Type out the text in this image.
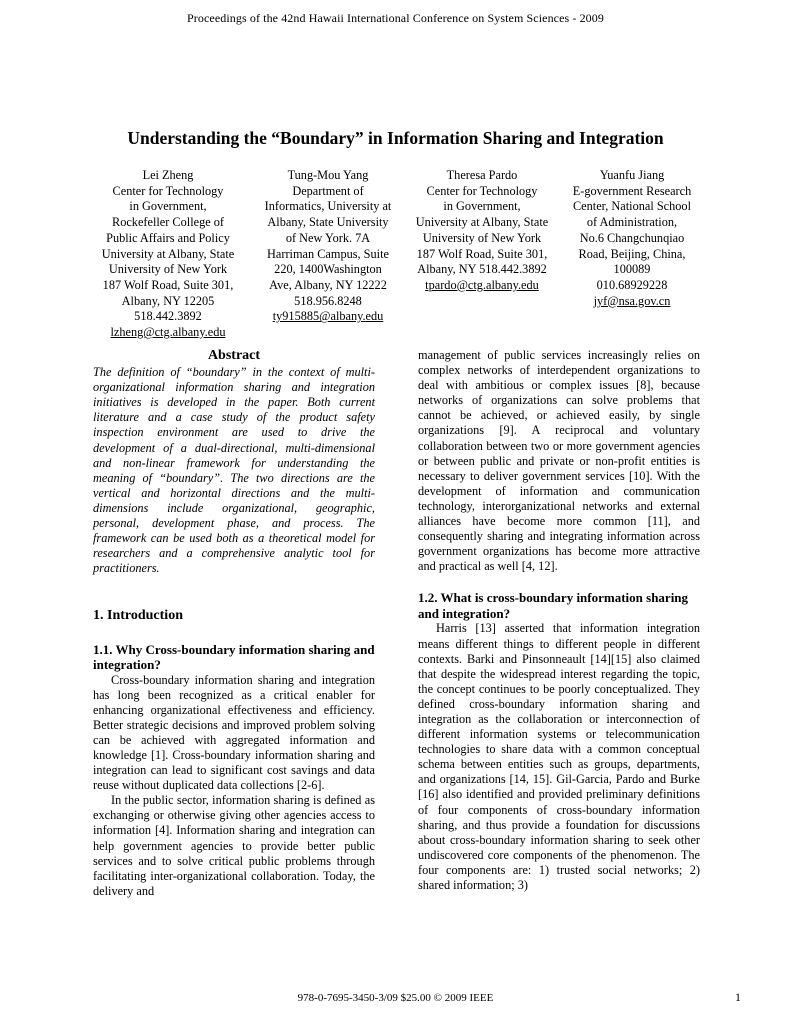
Proceedings of the 42nd Hawaii International Conference on System Sciences - 2009
Understanding the “Boundary” in Information Sharing and Integration
Lei Zheng
Center for Technology
in Government,
Rockefeller College of
Public Affairs and Policy
University at Albany, State
University of New York
187 Wolf Road, Suite 301,
Albany, NY 12205
518.442.3892
lzheng@ctg.albany.edu
Tung-Mou Yang
Department of
Informatics, University at
Albany, State University
of New York. 7A
Harriman Campus, Suite
220, 1400Washington
Ave, Albany, NY 12222
518.956.8248
ty915885@albany.edu
Theresa Pardo
Center for Technology
in Government,
University at Albany, State
University of New York
187 Wolf Road, Suite 301,
Albany, NY 518.442.3892
tpardo@ctg.albany.edu
Yuanfu Jiang
E-government Research
Center, National School
of Administration,
No.6 Changchunqiao
Road, Beijing, China,
100089
010.68929228
jyf@nsa.gov.cn
Abstract

The definition of “boundary” in the context of multi-organizational information sharing and integration initiatives is developed in the paper. Both current literature and a case study of the product safety inspection environment are used to drive the development of a dual-directional, multi-dimensional and non-linear framework for understanding the meaning of “boundary”. The two directions are the vertical and horizontal directions and the multi-dimensions include organizational, geographic, personal, development phase, and process. The framework can be used both as a theoretical model for researchers and a comprehensive analytic tool for practitioners.

1. Introduction
1.1. Why Cross-boundary information sharing and integration?

Cross-boundary information sharing and integration has long been recognized as a critical enabler for enhancing organizational effectiveness and efficiency. Better strategic decisions and improved problem solving can be achieved with aggregated information and knowledge [1]. Cross-boundary information sharing and integration can lead to significant cost savings and data reuse without duplicated data collections [2-6].

In the public sector, information sharing is defined as exchanging or otherwise giving other agencies access to information [4]. Information sharing and integration can help government agencies to provide better public services and to solve critical public problems through facilitating inter-organizational collaboration. Today, the delivery and

management of public services increasingly relies on complex networks of interdependent organizations to deal with ambitious or complex issues [8], because networks of organizations can solve problems that cannot be achieved, or achieved easily, by single organizations [9]. A reciprocal and voluntary collaboration between two or more government agencies or between public and private or non-profit entities is necessary to deliver government services [10]. With the development of information and communication technology, interorganizational networks and external alliances have become more common [11], and consequently sharing and integrating information across government organizations has become more attractive and practical as well [4, 12].

1.2. What is cross-boundary information sharing and integration?

Harris [13] asserted that information integration means different things to different people in different contexts. Barki and Pinsonneault [14][15] also claimed that despite the widespread interest regarding the topic, the concept continues to be poorly conceptualized. They defined cross-boundary information sharing and integration as the collaboration or interconnection of different information systems or telecommunication technologies to share data with a common conceptual schema between entities such as groups, departments, and organizations [14, 15]. Gil-Garcia, Pardo and Burke [16] also identified and provided preliminary definitions of four components of cross-boundary information sharing, and thus provide a foundation for discussions about cross-boundary information sharing to seek other undiscovered core components of the phenomenon. The four components are: 1) trusted social networks; 2) shared information; 3)

978-0-7695-3450-3/09 $25.00 © 2009 IEEE	1
